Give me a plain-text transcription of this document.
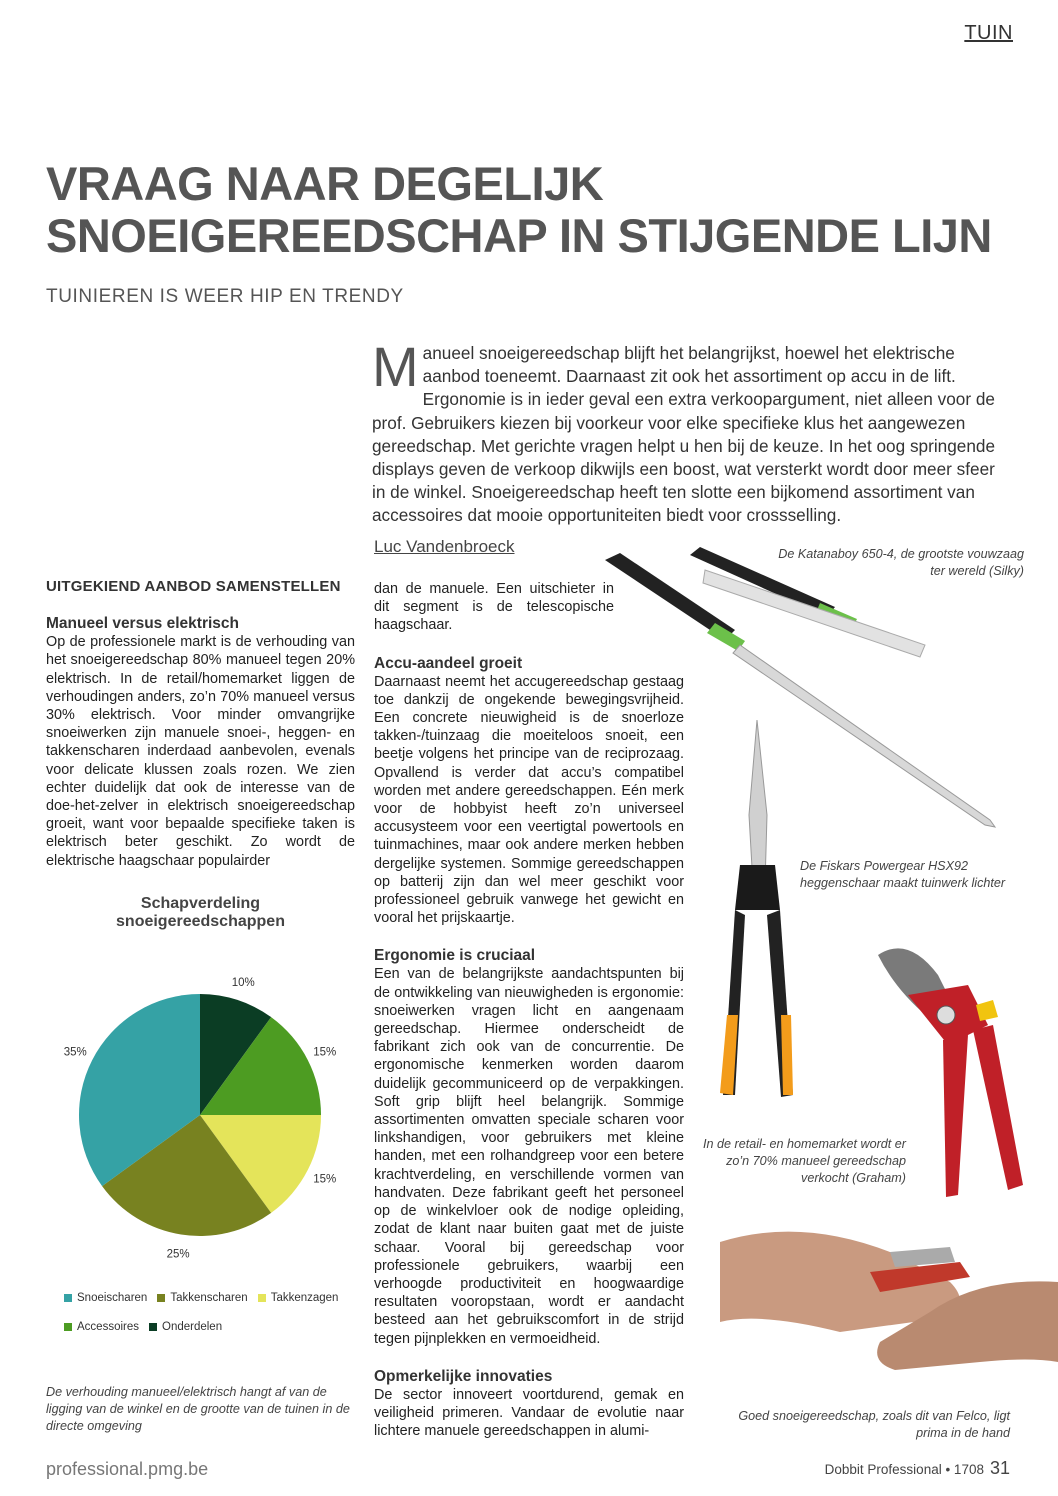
TUIN
VRAAG NAAR DEGELIJK
SNOEIGEREEDSCHAP IN STIJGENDE LIJN
TUINIEREN IS WEER HIP EN TRENDY
Manueel snoeigereedschap blijft het belangrijkst, hoewel het elektrische aanbod toeneemt. Daarnaast zit ook het assortiment op accu in de lift. Ergonomie is in ieder geval een extra verkoopargument, niet alleen voor de prof. Gebruikers kiezen bij voorkeur voor elke specifieke klus het aangewezen gereedschap. Met gerichte vragen helpt u hen bij de keuze. In het oog springende displays geven de verkoop dikwijls een boost, wat versterkt wordt door meer sfeer in de winkel. Snoeigereedschap heeft ten slotte een bijkomend assortiment van accessoires dat mooie opportuniteiten biedt voor crossselling.
Luc Vandenbroeck
UITGEKIEND AANBOD SAMENSTELLEN
Manueel versus elektrisch

Op de professionele markt is de verhouding van het snoeigereedschap 80% manueel tegen 20% elektrisch. In de retail/homemarket liggen de verhoudingen anders, zo’n 70% manueel versus 30% elektrisch. Voor minder omvangrijke snoeiwerken zijn manuele snoei-, heggen- en takkenscharen inderdaad aanbevolen, evenals voor delicate klussen zoals rozen. We zien echter duidelijk dat ook de interesse van de doe-het-zelver in elektrisch snoeigereedschap groeit, want voor bepaalde specifieke taken is elektrisch beter geschikt. Zo wordt de elektrische haagschaar populairder

Schapverdeling
snoeigereedschappen
10%
15%
15%
25%
35%
Snoeischaren Takkenscharen Takkenzagen
Accessoires Onderdelen
De verhouding manueel/elektrisch hangt af van de ligging van de winkel en de grootte van de tuinen in de directe omgeving

dan de manuele. Een uitschieter in dit segment is de telescopische haagschaar.

Accu-aandeel groeit

Daarnaast neemt het accugereedschap gestaag toe dankzij de ongekende bewegingsvrijheid. Een concrete nieuwigheid is de snoerloze takken-/tuinzaag die moeiteloos snoeit, een beetje volgens het principe van de reciprozaag. Opvallend is verder dat accu’s compatibel worden met andere gereedschappen. Eén merk voor de hobbyist heeft zo’n universeel accusysteem voor een veertigtal powertools en tuinmachines, maar ook andere merken hebben dergelijke systemen. Sommige gereedschappen op batterij zijn dan wel meer geschikt voor professioneel gebruik vanwege het gewicht en vooral het prijskaartje.

Ergonomie is cruciaal

Een van de belangrijkste aandachtspunten bij de ontwikkeling van nieuwigheden is ergonomie: snoeiwerken vragen licht en aangenaam gereedschap. Hiermee onderscheidt de fabrikant zich ook van de concurrentie. De ergonomische kenmerken worden daarom duidelijk gecommuniceerd op de verpakkingen. Soft grip blijft heel belangrijk. Sommige assortimenten omvatten speciale scharen voor linkshandigen, voor gebruikers met kleine handen, met een rolhandgreep voor een betere krachtverdeling, en verschillende vormen van handvaten. Deze fabrikant geeft het personeel op de winkelvloer ook de nodige opleiding, zodat de klant naar buiten gaat met de juiste schaar. Vooral bij gereedschap voor professionele gebruikers, waarbij een verhoogde productiviteit en hoogwaardige resultaten vooropstaan, wordt er aandacht besteed aan het gebruikscomfort in de strijd tegen pijnplekken en vermoeidheid.

Opmerkelijke innovaties

De sector innoveert voortdurend, gemak en veiligheid primeren. Vandaar de evolutie naar lichtere manuele gereedschappen in alumi-

De Katanaboy 650-4, de grootste vouwzaag ter wereld (Silky)
De Fiskars Powergear HSX92 heggenschaar maakt tuinwerk lichter
In de retail- en homemarket wordt er zo’n 70% manueel gereedschap verkocht (Graham)
Goed snoeigereedschap, zoals dit van Felco, ligt prima in de hand
professional.pmg.be	Dobbit Professional • 1708 31
